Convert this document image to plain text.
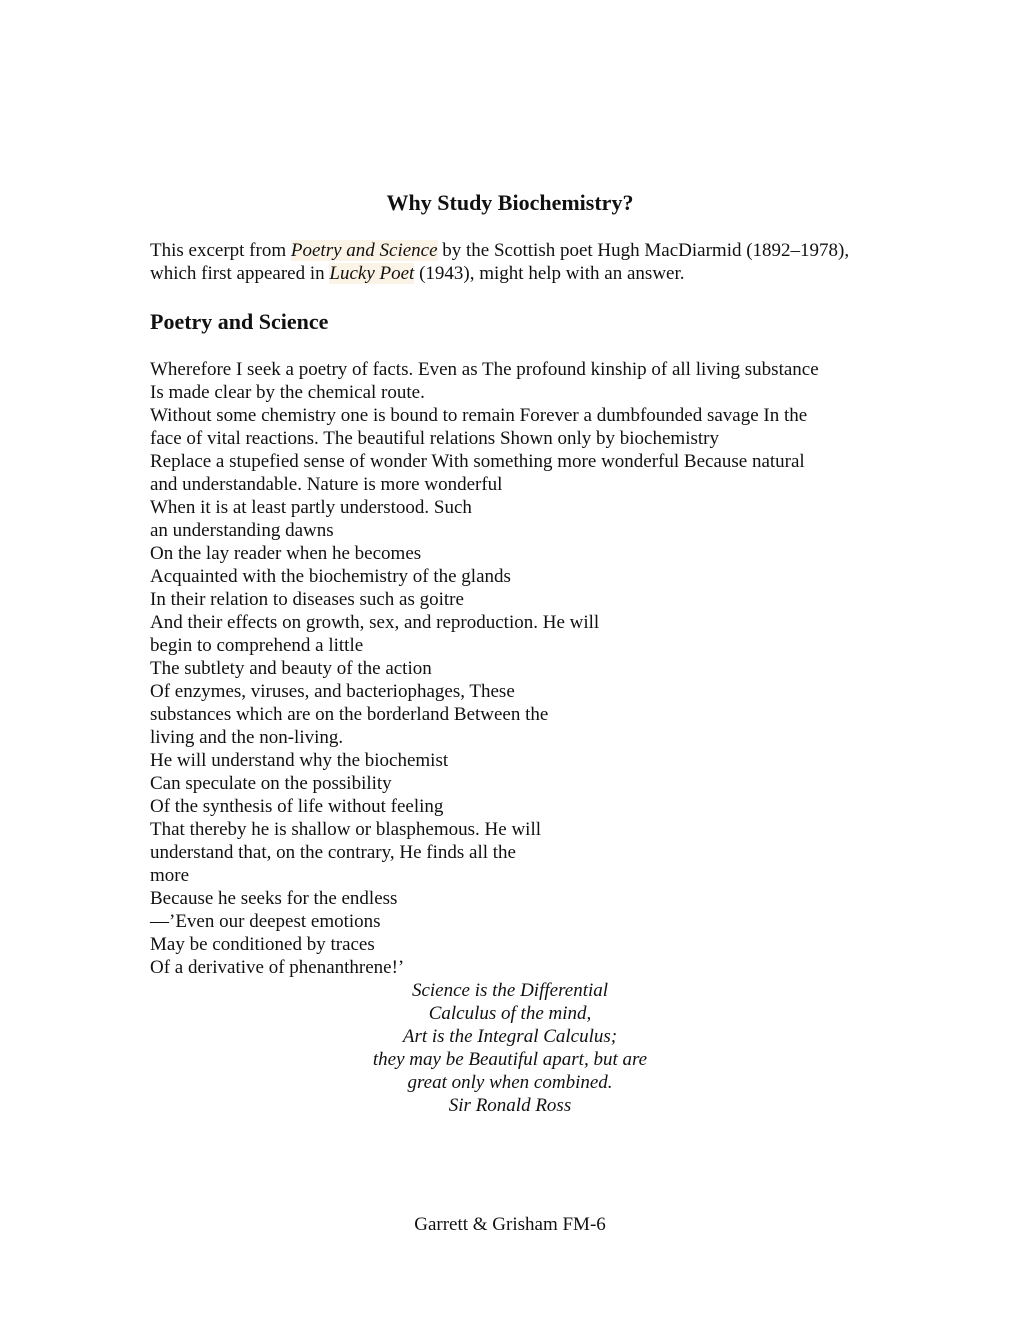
Why Study Biochemistry?

This excerpt from Poetry and Science by the Scottish poet Hugh MacDiarmid (1892–1978), which first appeared in Lucky Poet (1943), might help with an answer.

Poetry and Science
Wherefore I seek a poetry of facts. Even as The profound kinship of all living substance
Is made clear by the chemical route.
Without some chemistry one is bound to remain Forever a dumbfounded savage In the
face of vital reactions. The beautiful relations Shown only by biochemistry
Replace a stupefied sense of wonder With something more wonderful Because natural
and understandable. Nature is more wonderful
When it is at least partly understood. Such
an understanding dawns
On the lay reader when he becomes
Acquainted with the biochemistry of the glands
In their relation to diseases such as goitre
And their effects on growth, sex, and reproduction. He will
begin to comprehend a little
The subtlety and beauty of the action
Of enzymes, viruses, and bacteriophages, These
substances which are on the borderland Between the
living and the non-living.
He will understand why the biochemist
Can speculate on the possibility
Of the synthesis of life without feeling
That thereby he is shallow or blasphemous. He will
understand that, on the contrary, He finds all the
more
Because he seeks for the endless
—’Even our deepest emotions
May be conditioned by traces
Of a derivative of phenanthrene!’
Science is the Differential
Calculus of the mind,
Art is the Integral Calculus;
they may be Beautiful apart, but are
great only when combined.
Sir Ronald Ross

Garrett & Grisham FM-6
